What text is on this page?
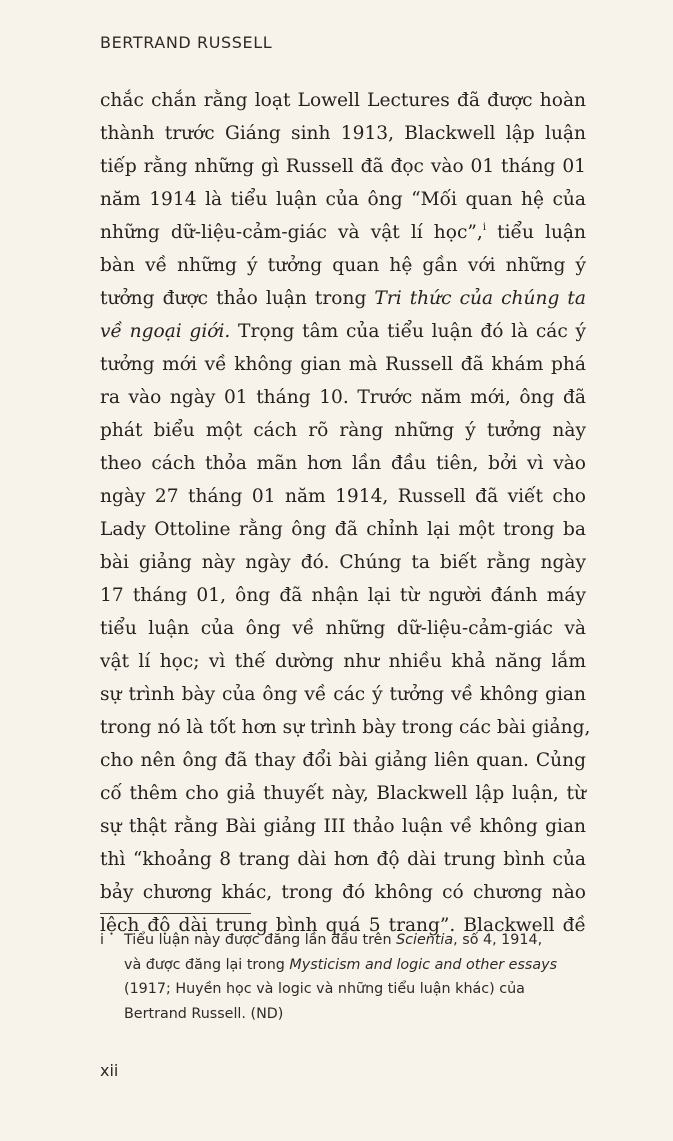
BERTRAND RUSSELL
chắc chắn rằng loạt Lowell Lectures đã được hoàn
thành trước Giáng sinh 1913, Blackwell lập luận
tiếp rằng những gì Russell đã đọc vào 01 tháng 01
năm 1914 là tiểu luận của ông “Mối quan hệ của
những dữ-liệu-cảm-giác và vật lí học”,$^i$ tiểu luận
bàn về những ý tưởng quan hệ gần với những ý
tưởng được thảo luận trong Tri thức của chúng ta
về ngoại giới. Trọng tâm của tiểu luận đó là các ý
tưởng mới về không gian mà Russell đã khám phá
ra vào ngày 01 tháng 10. Trước năm mới, ông đã
phát biểu một cách rõ ràng những ý tưởng này
theo cách thỏa mãn hơn lần đầu tiên, bởi vì vào
ngày 27 tháng 01 năm 1914, Russell đã viết cho
Lady Ottoline rằng ông đã chỉnh lại một trong ba
bài giảng này ngày đó. Chúng ta biết rằng ngày
17 tháng 01, ông đã nhận lại từ người đánh máy
tiểu luận của ông về những dữ-liệu-cảm-giác và
vật lí học; vì thế dường như nhiều khả năng lắm
sự trình bày của ông về các ý tưởng về không gian
trong nó là tốt hơn sự trình bày trong các bài giảng,
cho nên ông đã thay đổi bài giảng liên quan. Củng
cố thêm cho giả thuyết này, Blackwell lập luận, từ
sự thật rằng Bài giảng III thảo luận về không gian
thì “khoảng 8 trang dài hơn độ dài trung bình của
bảy chương khác, trong đó không có chương nào
lệch độ dài trung bình quá 5 trang”. Blackwell đề
i	Tiểu luận này được đăng lần đầu trên Scientia, số 4, 1914,
và được đăng lại trong Mysticism and logic and other essays
(1917; Huyền học và logic và những tiểu luận khác) của
Bertrand Russell. (ND)
xii
